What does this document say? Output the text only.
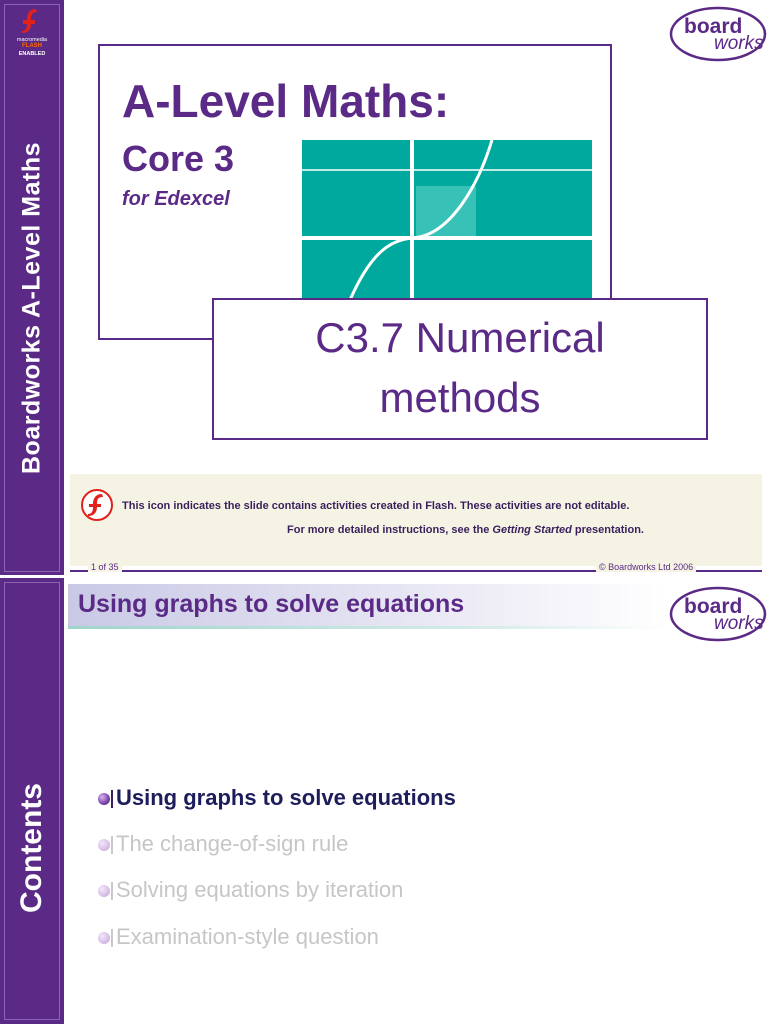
macromedia
FLASH
ENABLED
Boardworks A-Level Maths
board
works
A-Level Maths:
Core 3
for Edexcel
C3.7 Numerical
methods
This icon indicates the slide contains activities created in Flash. These activities are not editable.
For more detailed instructions, see the Getting Started presentation.
1 of 35	© Boardworks Ltd 2006
Contents
Using graphs to solve equations	board
works
Using graphs to solve equations
The change-of-sign rule
Solving equations by iteration
Examination-style question
